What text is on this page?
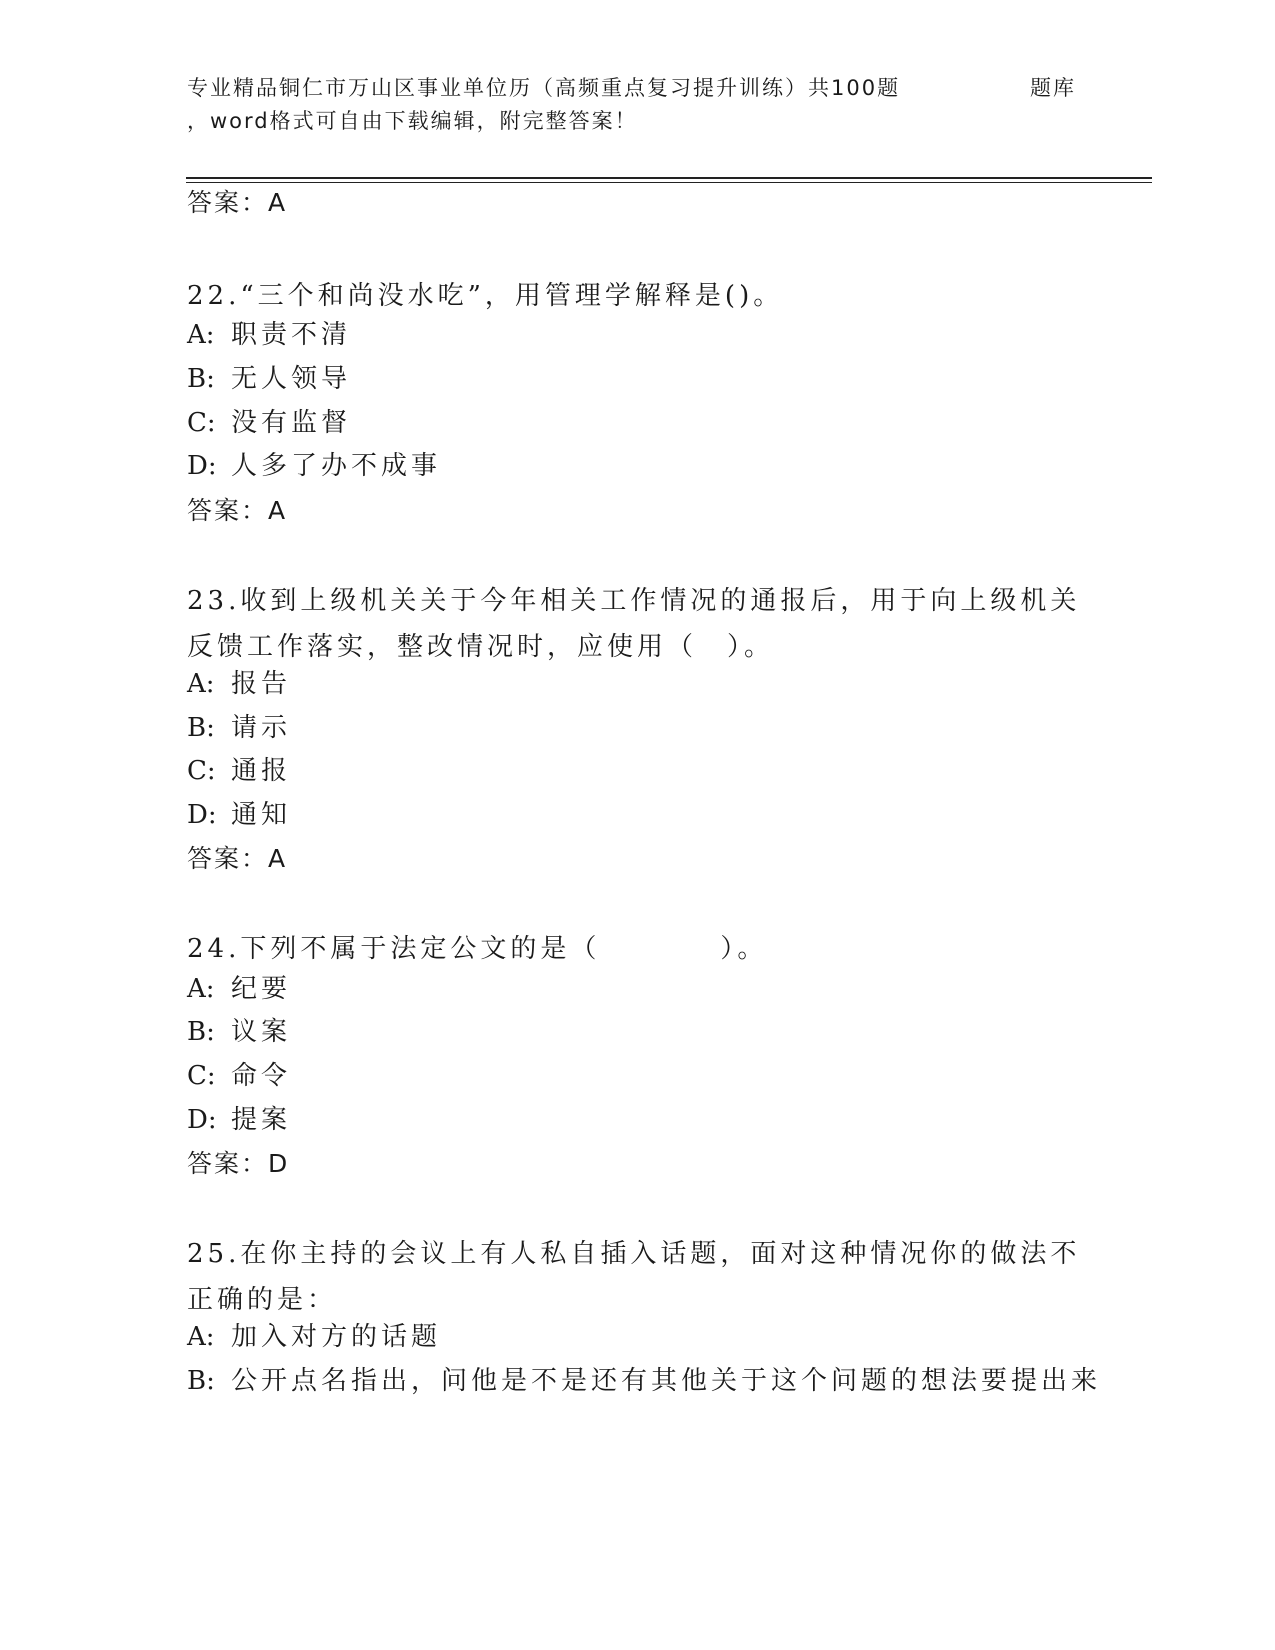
专业精品铜仁市万山区事业单位历（高频重点复习提升训练）共100题	题库
，word格式可自由下载编辑，附完整答案！
答案：A
22.“三个和尚没水吃”，用管理学解释是()。
A: 职责不清
B: 无人领导
C: 没有监督
D: 人多了办不成事
答案：A
23.收到上级机关关于今年相关工作情况的通报后，用于向上级机关反馈工作落实，整改情况时，应使用（　）。
A: 报告
B: 请示
C: 通报
D: 通知
答案：A
24.下列不属于法定公文的是（　　　　）。
A: 纪要
B: 议案
C: 命令
D: 提案
答案：D
25.在你主持的会议上有人私自插入话题，面对这种情况你的做法不正确的是：
A: 加入对方的话题
B: 公开点名指出，问他是不是还有其他关于这个问题的想法要提出来
